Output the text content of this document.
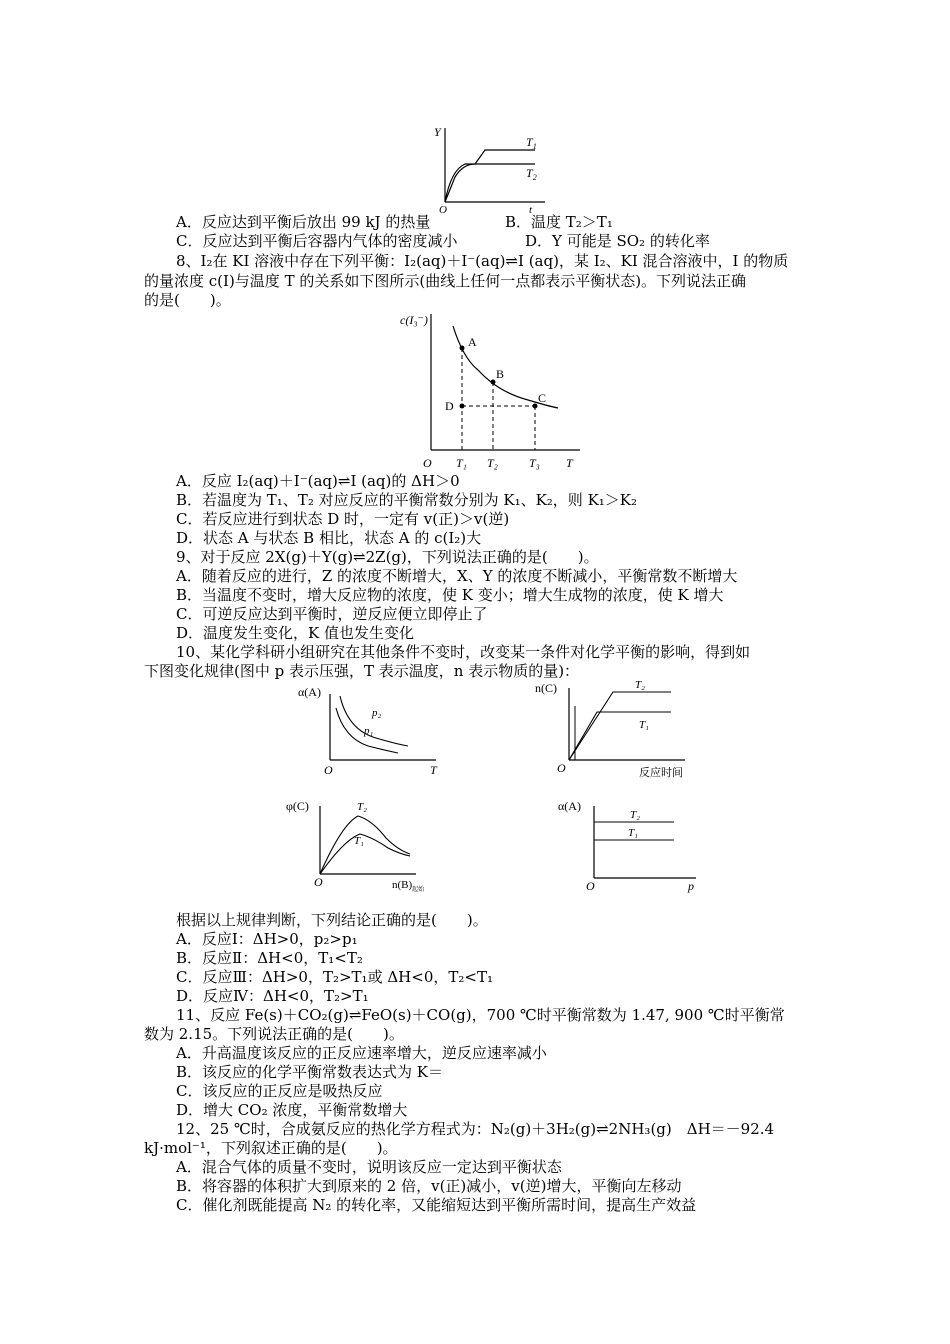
Y
$T_1$
$T_2$
O	t
A．反应达到平衡后放出 99 kJ 的热量	B．温度 T₂＞T₁
C．反应达到平衡后容器内气体的密度减小	D．Y 可能是 SO₂ 的转化率
8、I₂在 KI 溶液中存在下列平衡：I₂(aq)＋I⁻(aq)⇌I (aq)，某 I₂、KI 混合溶液中，I 的物质
的量浓度 c(I)与温度 T 的关系如下图所示(曲线上任何一点都表示平衡状态)。下列说法正确
的是(　　)。
c(I₃⁻)
A
B
C
D
O T₁ T₂	T₃ T
A．反应 I₂(aq)＋I⁻(aq)⇌I (aq)的 ΔH＞0
B．若温度为 T₁、T₂ 对应反应的平衡常数分别为 K₁、K₂，则 K₁＞K₂
C．若反应进行到状态 D 时，一定有 v(正)＞v(逆)
D．状态 A 与状态 B 相比，状态 A 的 c(I₂)大
9、对于反应 2X(g)＋Y(g)⇌2Z(g)，下列说法正确的是(　　)。
A．随着反应的进行，Z 的浓度不断增大，X、Y 的浓度不断减小，平衡常数不断增大
B．当温度不变时，增大反应物的浓度，使 K 变小；增大生成物的浓度，使 K 增大
C．可逆反应达到平衡时，逆反应便立即停止了
D．温度发生变化，K 值也发生变化
10、某化学科研小组研究在其他条件不变时，改变某一条件对化学平衡的影响，得到如
下图变化规律(图中 p 表示压强，T 表示温度，n 表示物质的量)：
α(A)
p₂
p₁
O	T
n(C)	T₂
T₁
O	反应时间
φ(C)	T₂
T₁
O	$n(B)_{起始}$
α(A)
T₂
T₁
O	p
根据以上规律判断，下列结论正确的是(　　)。
A．反应Ⅰ：ΔH>0，p₂>p₁
B．反应Ⅱ：ΔH<0，T₁<T₂
C．反应Ⅲ：ΔH>0，T₂>T₁或 ΔH<0，T₂<T₁
D．反应Ⅳ：ΔH<0，T₂>T₁
11、反应 Fe(s)＋CO₂(g)⇌FeO(s)＋CO(g)，700 ℃时平衡常数为 1.47, 900 ℃时平衡常
数为 2.15。下列说法正确的是(　　)。
A．升高温度该反应的正反应速率增大，逆反应速率减小
B．该反应的化学平衡常数表达式为 K＝
C．该反应的正反应是吸热反应
D．增大 CO₂ 浓度，平衡常数增大
12、25 ℃时，合成氨反应的热化学方程式为：N₂(g)＋3H₂(g)⇌2NH₃(g)　ΔH＝－92.4
kJ·mol⁻¹，下列叙述正确的是(　　)。
A．混合气体的质量不变时，说明该反应一定达到平衡状态
B．将容器的体积扩大到原来的 2 倍，v(正)减小，v(逆)增大，平衡向左移动
C．催化剂既能提高 N₂ 的转化率，又能缩短达到平衡所需时间，提高生产效益
